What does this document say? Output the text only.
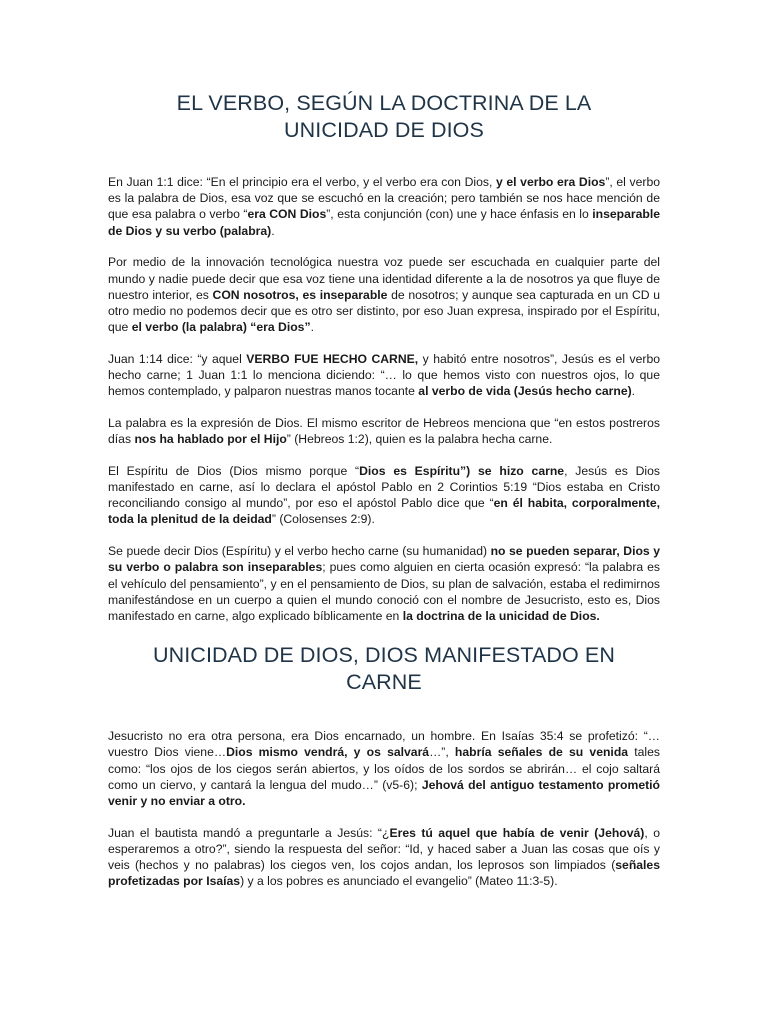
EL VERBO, SEGÚN LA DOCTRINA DE LA
UNICIDAD DE DIOS

En Juan 1:1 dice: “En el principio era el verbo, y el verbo era con Dios, y el verbo era Dios”, el verbo es la palabra de Dios, esa voz que se escuchó en la creación; pero también se nos hace mención de que esa palabra o verbo “era CON Dios”, esta conjunción (con) une y hace énfasis en lo inseparable de Dios y su verbo (palabra).

Por medio de la innovación tecnológica nuestra voz puede ser escuchada en cualquier parte del mundo y nadie puede decir que esa voz tiene una identidad diferente a la de nosotros ya que fluye de nuestro interior, es CON nosotros, es inseparable de nosotros; y aunque sea capturada en un CD u otro medio no podemos decir que es otro ser distinto, por eso Juan expresa, inspirado por el Espíritu, que el verbo (la palabra) “era Dios”.

Juan 1:14 dice: “y aquel VERBO FUE HECHO CARNE, y habitó entre nosotros”, Jesús es el verbo hecho carne; 1 Juan 1:1 lo menciona diciendo: “… lo que hemos visto con nuestros ojos, lo que hemos contemplado, y palparon nuestras manos tocante al verbo de vida (Jesús hecho carne).

La palabra es la expresión de Dios. El mismo escritor de Hebreos menciona que “en estos postreros días nos ha hablado por el Hijo” (Hebreos 1:2), quien es la palabra hecha carne.

El Espíritu de Dios (Dios mismo porque “Dios es Espíritu”) se hizo carne, Jesús es Dios manifestado en carne, así lo declara el apóstol Pablo en 2 Corintios 5:19 “Dios estaba en Cristo reconciliando consigo al mundo”, por eso el apóstol Pablo dice que “en él habita, corporalmente, toda la plenitud de la deidad” (Colosenses 2:9).

Se puede decir Dios (Espíritu) y el verbo hecho carne (su humanidad) no se pueden separar, Dios y su verbo o palabra son inseparables; pues como alguien en cierta ocasión expresó: “la palabra es el vehículo del pensamiento”, y en el pensamiento de Dios, su plan de salvación, estaba el redimirnos manifestándose en un cuerpo a quien el mundo conoció con el nombre de Jesucristo, esto es, Dios manifestado en carne, algo explicado bíblicamente en la doctrina de la unicidad de Dios.

UNICIDAD DE DIOS, DIOS MANIFESTADO EN
CARNE

Jesucristo no era otra persona, era Dios encarnado, un hombre. En Isaías 35:4 se profetizó: “… vuestro Dios viene…Dios mismo vendrá, y os salvará…”, habría señales de su venida tales como: “los ojos de los ciegos serán abiertos, y los oídos de los sordos se abrirán… el cojo saltará como un ciervo, y cantará la lengua del mudo…” (v5-6); Jehová del antiguo testamento prometió venir y no enviar a otro.

Juan el bautista mandó a preguntarle a Jesús: “¿Eres tú aquel que había de venir (Jehová), o esperaremos a otro?”, siendo la respuesta del señor: “Id, y haced saber a Juan las cosas que oís y veis (hechos y no palabras) los ciegos ven, los cojos andan, los leprosos son limpiados (señales profetizadas por Isaías) y a los pobres es anunciado el evangelio” (Mateo 11:3-5).
